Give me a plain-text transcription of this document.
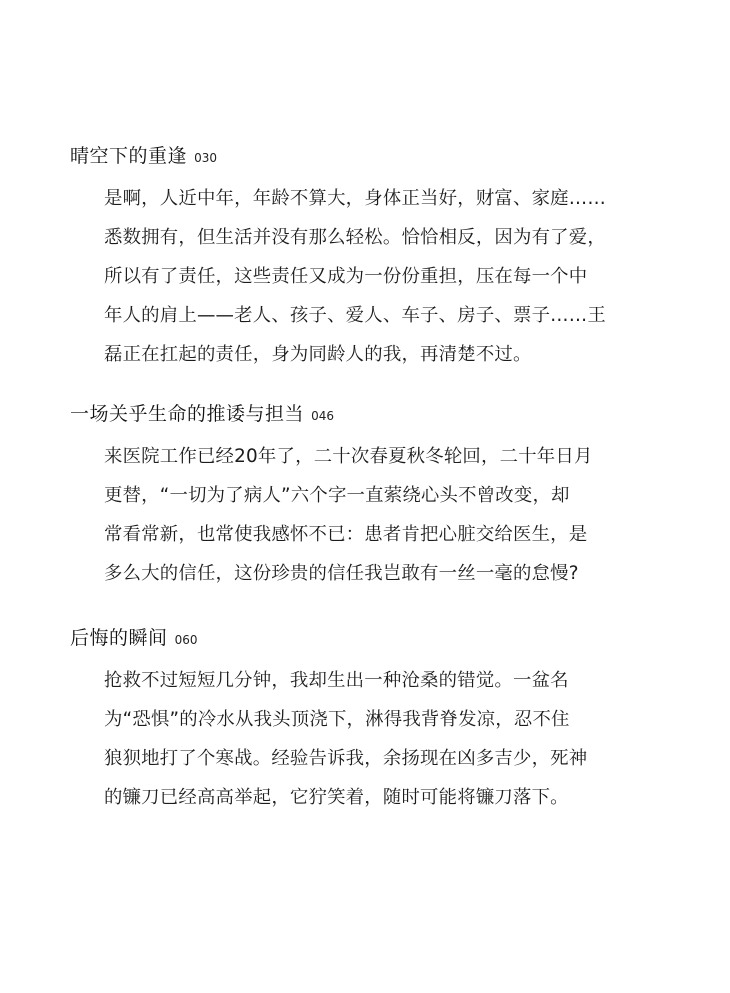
晴空下的重逢 030
是啊，人近中年，年龄不算大，身体正当好，财富、家庭……
悉数拥有，但生活并没有那么轻松。恰恰相反，因为有了爱，
所以有了责任，这些责任又成为一份份重担，压在每一个中
年人的肩上——老人、孩子、爱人、车子、房子、票子……王
磊正在扛起的责任，身为同龄人的我，再清楚不过。
一场关乎生命的推诿与担当 046
来医院工作已经20年了，二十次春夏秋冬轮回，二十年日月
更替，“一切为了病人”六个字一直萦绕心头不曾改变，却
常看常新，也常使我感怀不已：患者肯把心脏交给医生，是
多么大的信任，这份珍贵的信任我岂敢有一丝一毫的怠慢?
后悔的瞬间 060
抢救不过短短几分钟，我却生出一种沧桑的错觉。一盆名
为“恐惧”的冷水从我头顶浇下，淋得我背脊发凉，忍不住
狼狈地打了个寒战。经验告诉我，余扬现在凶多吉少，死神
的镰刀已经高高举起，它狞笑着，随时可能将镰刀落下。
